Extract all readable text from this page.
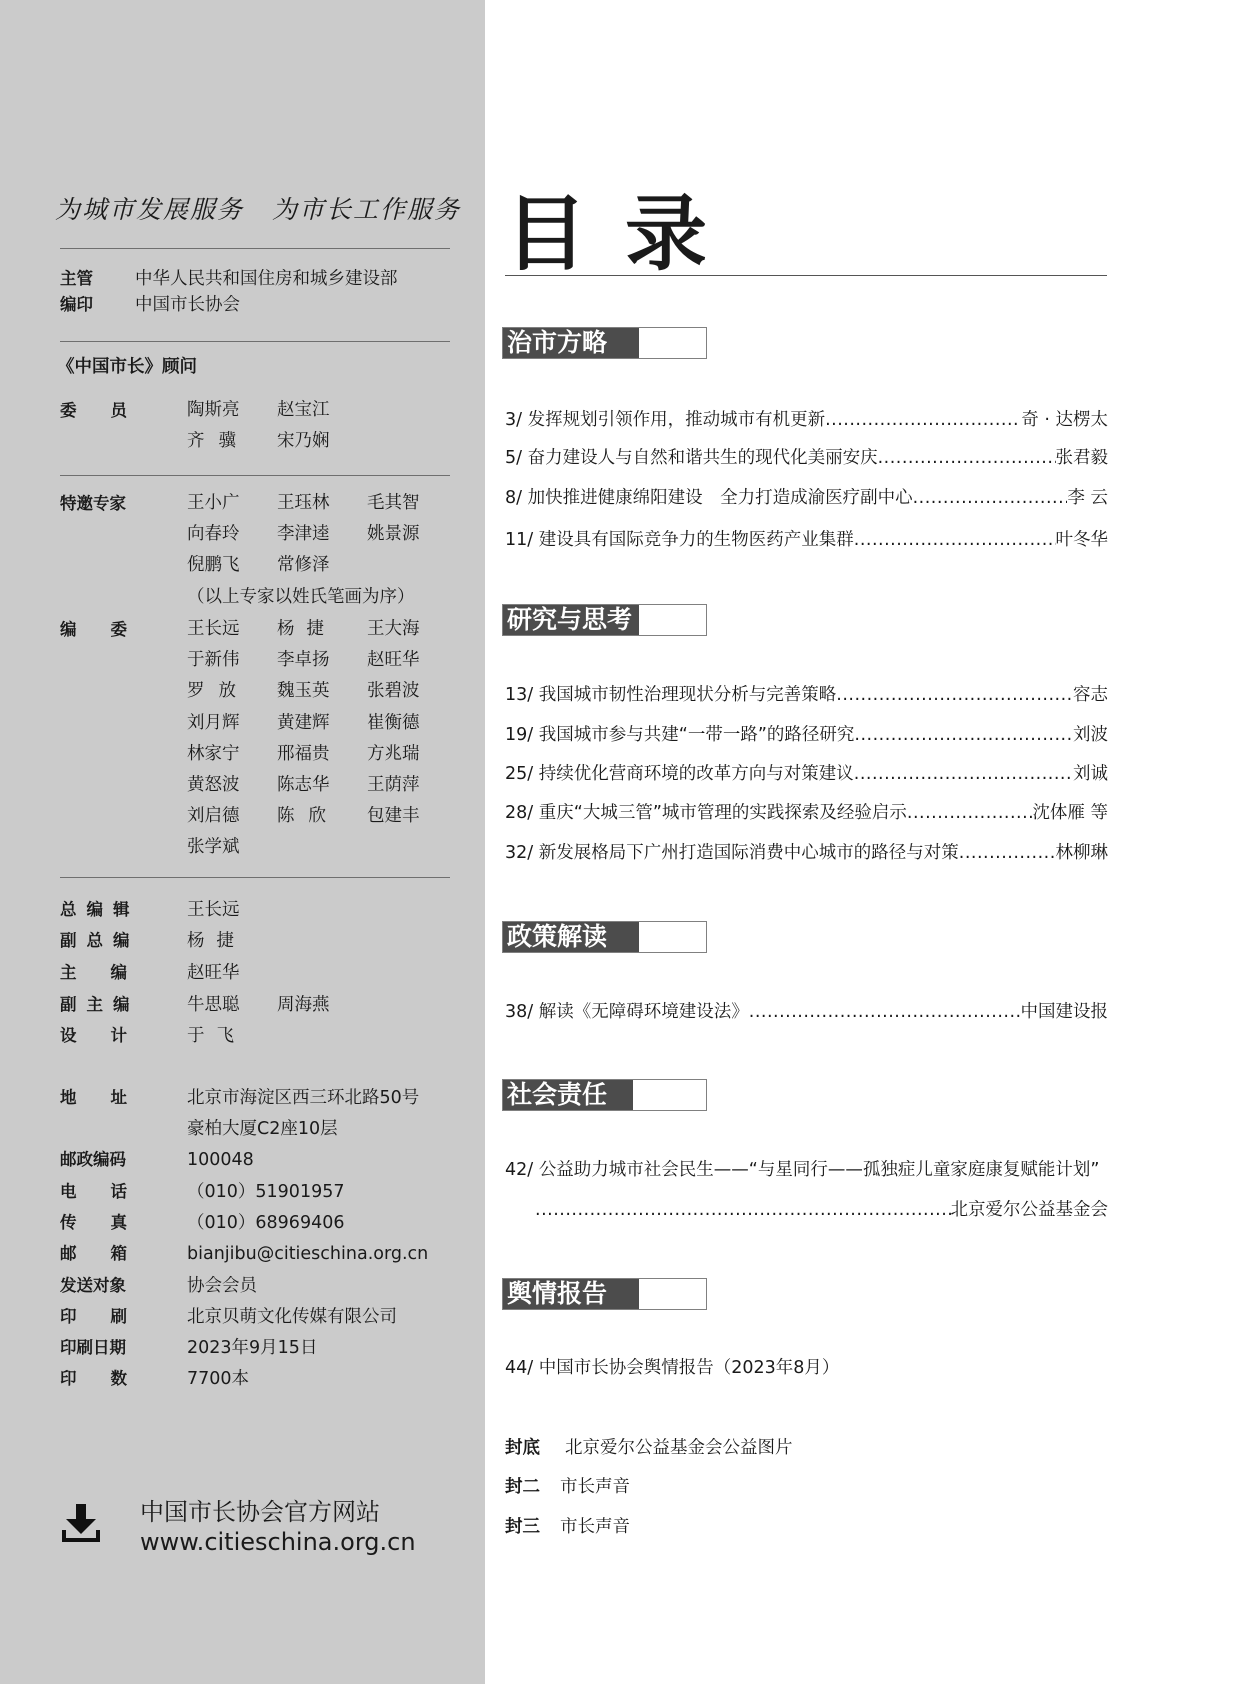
为城市发展服务 为市长工作服务
主管 中华人民共和国住房和城乡建设部
编印 中国市长协会
《中国市长》顾问
委员 陶斯亮 赵宝江
齐骥 宋乃娴
特邀专家	王小广 王珏林 毛其智
向春玲 李津逵 姚景源
倪鹏飞 常修泽
（以上专家以姓氏笔画为序）
编委 王长远 杨捷 王大海
于新伟 李卓扬 赵旺华
罗放 魏玉英 张碧波
刘月辉 黄建辉 崔衡德
林家宁 邢福贵 方兆瑞
黄怒波 陈志华 王荫萍
刘启德 陈欣 包建丰
张学斌
总编辑	王长远
副总编	杨捷
主编 赵旺华
副主编	牛思聪 周海燕
设计 于飞
地址 北京市海淀区西三环北路50号
豪柏大厦C2座10层
邮政编码	100048
电话 （010）51901957
传真 （010）68969406
邮箱 bianjibu@citieschina.org.cn
发送对象	协会会员
印刷 北京贝萌文化传媒有限公司
印刷日期	2023年9月15日
印数 7700本
中国市长协会官方网站
www.citieschina.org.cn
目录
治市方略
3/
发挥规划引领作用，推动城市有机更新 .....	奇 · 达楞太
5/
奋力建设人与自然和谐共生的现代化美丽安庆 .....	张君毅
8/
加快推进健康绵阳建设　全力打造成渝医疗副中心 .....	李 云
11/
建设具有国际竞争力的生物医药产业集群 .....	叶冬华
研究与思考
13/
我国城市韧性治理现状分析与完善策略 .....	容志
19/
我国城市参与共建“一带一路”的路径研究 .....	刘波
25/
持续优化营商环境的改革方向与对策建议 .....	刘诚
28/
重庆“大城三管”城市管理的实践探索及经验启示 .....	沈体雁 等
32/
新发展格局下广州打造国际消费中心城市的路径与对策 .....	林柳琳
政策解读
38/
解读《无障碍环境建设法》 .....	中国建设报
社会责任
42/
公益助力城市社会民生——“与星同行——孤独症儿童家庭康复赋能计划”
.....
北京爱尔公益基金会
舆情报告
44/
中国市长协会舆情报告（2023年8月）
封底 北京爱尔公益基金会公益图片
封二 市长声音
封三 市长声音
